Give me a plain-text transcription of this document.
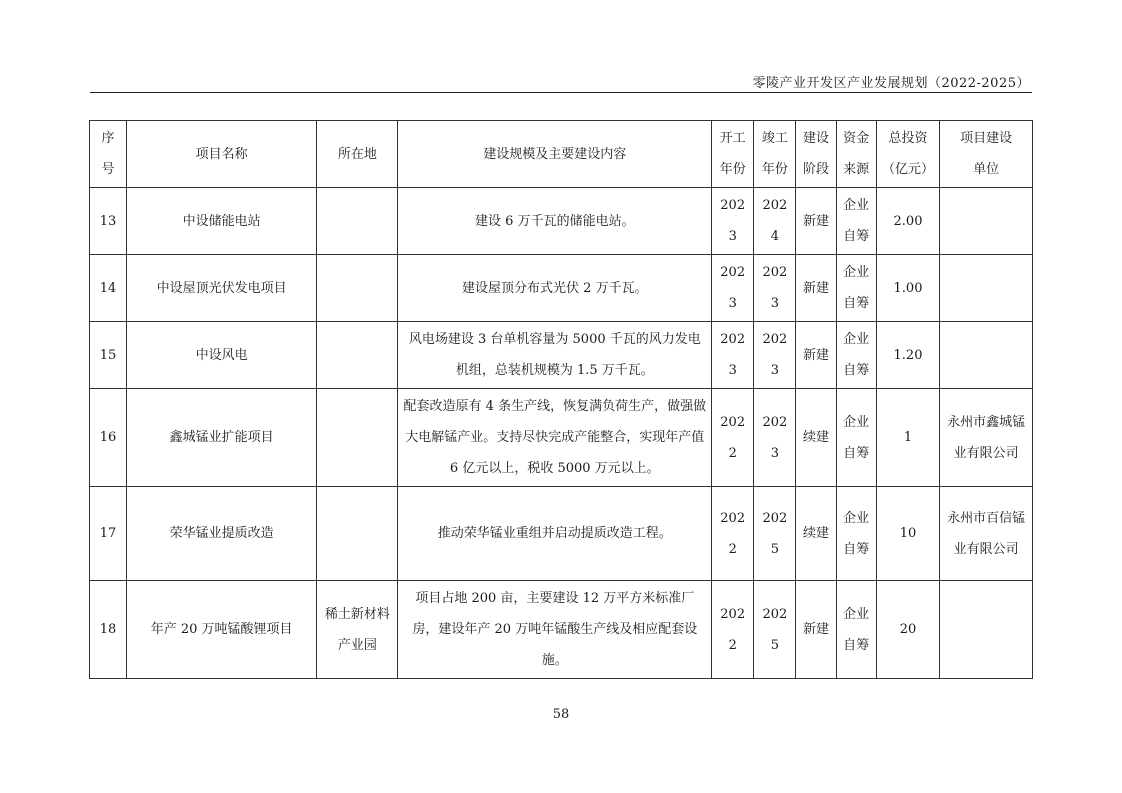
零陵产业开发区产业发展规划（2022-2025）
序号	项目名称	所在地	建设规模及主要建设内容	开工年份	竣工年份	建设阶段	资金来源	总投资（亿元）	项目建设单位
13	中设储能电站		建设 6 万千瓦的储能电站。	2023	2024	新建	企业自筹	2.00	
14	中设屋顶光伏发电项目		建设屋顶分布式光伏 2 万千瓦。	2023	2023	新建	企业自筹	1.00	
15	中设风电		风电场建设 3 台单机容量为 5000 千瓦的风力发电机组，总装机规模为 1.5 万千瓦。	2023	2023	新建	企业自筹	1.20	
16	鑫城锰业扩能项目		配套改造原有 4 条生产线，恢复满负荷生产，做强做大电解锰产业。支持尽快完成产能整合，实现年产值 6 亿元以上，税收 5000 万元以上。	2022	2023	续建	企业自筹	1	永州市鑫城锰业有限公司
17	荣华锰业提质改造		推动荣华锰业重组并启动提质改造工程。	2022	2025	续建	企业自筹	10	永州市百信锰业有限公司
18	年产 20 万吨锰酸锂项目	稀土新材料产业园	项目占地 200 亩，主要建设 12 万平方米标准厂房，建设年产 20 万吨年锰酸生产线及相应配套设施。	2022	2025	新建	企业自筹	20	
58
